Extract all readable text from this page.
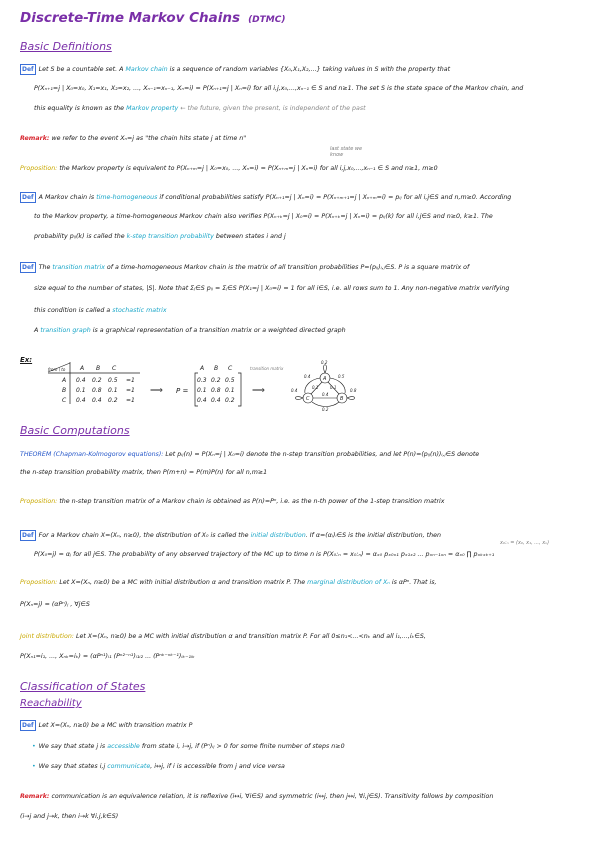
Discrete-Time Markov Chains (DTMC)
Basic Definitions
Def Let S be a countable set. A Markov chain is a sequence of random variables {X₀,X₁,X₂,...} taking values in S with the property that
P(Xₙ₊₁=j | X₀=x₀, X₁=x₁, X₂=x₂, ..., Xₙ₋₁=xₙ₋₁, Xₙ=i) = P(Xₙ₊₁=j | Xₙ=i) for all i,j,x₀,...,xₙ₋₁ ∈ S and n≥1. The set S is the state space of the Markov chain, and
this equality is known as the Markov property ← the future, given the present, is independent of the past
Remark: we refer to the event Xₙ=j as "the chain hits state j at time n"
last state we know
Proposition: the Markov property is equivalent to P(Xₙ₊ₘ=j | X₀=x₀, ..., Xₙ=i) = P(Xₙ₊ₘ=j | Xₙ=i) for all i,j,x₀,...,xₙ₋₁ ∈ S and n≥1, m≥0
Def A Markov chain is time-homogeneous if conditional probabilities satisfy P(Xₙ₊₁=j | Xₙ=i) = P(Xₙ₊ₘ₊₁=j | Xₙ₊ₘ=i) = pᵢⱼ for all i,j∈S and n,m≥0. According
to the Markov property, a time-homogeneous Markov chain also verifies P(Xₙ₊ₖ=j | X₀=i) = P(Xₙ₊ₖ=j | Xₙ=i) = pᵢⱼ(k) for all i,j∈S and n≥0, k≥1. The
probability pᵢⱼ(k) is called the k-step transition probability between states i and j
Def The transition matrix of a time-homogeneous Markov chain is the matrix of all transition probabilities P=(pᵢⱼ)ᵢ,ⱼ∈S. P is a square matrix of
size equal to the number of states, |S|. Note that Σⱼ∈S pᵢⱼ = Σⱼ∈S P(X₁=j | X₀=i) = 1 for all i∈S, i.e. all rows sum to 1. Any non-negative matrix verifying
this condition is called a stochastic matrix
A transition graph is a graphical representation of a transition matrix or a weighted directed graph
Ex:
from \ to A B C
A 0.4 0.2 0.5 =1
B 0.1 0.8 0.1 =1
C 0.4 0.4 0.2 =1
⟹ P =
A B C
0.3 0.2 0.5
0.1 0.8 0.1
0.4 0.4 0.2
transition matrix
⟹
A
B
C
0.2
0.5
0.4
0.1
0.8
0.1
0.4
0.4
0.2
Basic Computations
THEOREM (Chapman-Kolmogorov equations): Let pᵢⱼ(n) = P(Xₙ=j | X₀=i) denote the n-step transition probabilities, and let P(n)=(pᵢⱼ(n))ᵢ,ⱼ∈S denote
the n-step transition probability matrix, then P(m+n) = P(m)P(n) for all n,m≥1
Proposition: the n-step transition matrix of a Markov chain is obtained as P(n)=Pⁿ, i.e. as the n-th power of the 1-step transition matrix
Def For a Markov chain X=(Xₙ, n≥0), the distribution of X₀ is called the initial distribution. If α=(αᵢ)ᵢ∈S is the initial distribution, then
x₀:ₙ = (x₀, x₁, ..., xₙ)
P(X₀=j) = αⱼ for all j∈S. The probability of any observed trajectory of the MC up to time n is P(X₀:ₙ = x₀:ₙ) = αₓ₀ pₓ₀ₓ₁ pₓ₁ₓ₂ ... pₓₙ₋₁ₓₙ = αₓ₀ ∏ pₓₖₓₖ₊₁
Proposition: Let X=(Xₙ, n≥0) be a MC with initial distribution α and transition matrix P. The marginal distribution of Xₙ is αPⁿ. That is,
P(Xₙ=j) = (αPⁿ)ⱼ , ∀j∈S
Joint distribution: Let X=(Xₙ, n≥0) be a MC with initial distribution α and transition matrix P. For all 0≤n₁<...<nₖ and all i₁,...,iₖ∈S,
P(Xₙ₁=i₁, ..., Xₙₖ=iₖ) = (αPⁿ¹)ᵢ₁ (Pⁿ²⁻ⁿ¹)ᵢ₁ᵢ₂ ... (Pⁿᵏ⁻ⁿᵏ⁻¹)ᵢₖ₋₁ᵢₖ
Classification of States
Reachability
Def Let X=(Xₙ, n≥0) be a MC with transition matrix P
• We say that state j is accessible from state i, i→j, if (Pⁿ)ᵢⱼ > 0 for some finite number of steps n≥0
• We say that states i,j communicate, i↔j, if i is accessible from j and vice versa
Remark: communication is an equivalence relation, it is reflexive (i↔i, ∀i∈S) and symmetric (i↔j, then j↔i, ∀i,j∈S). Transitivity follows by composition
(i→j and j→k, then i→k ∀i,j,k∈S)
